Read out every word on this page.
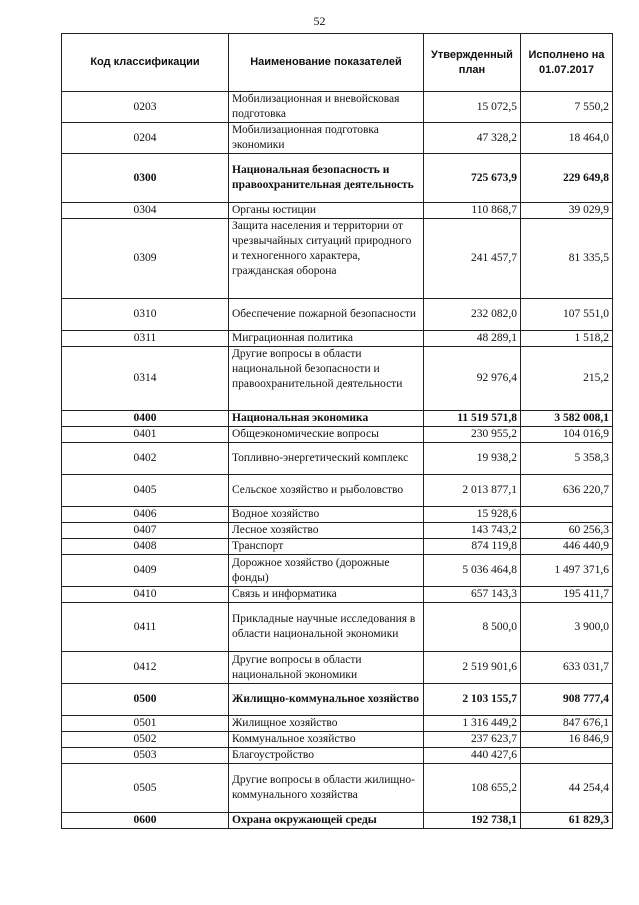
52
Код классификации	Наименование показателей	Утвержденный план	Исполнено на 01.07.2017
0203	Мобилизационная и вневойсковая подготовка	15 072,5	7 550,2
0204	Мобилизационная подготовка экономики	47 328,2	18 464,0
0300	Национальная безопасность и правоохранительная деятельность	725 673,9	229 649,8
0304	Органы юстиции	110 868,7	39 029,9
0309	Защита населения и территории от чрезвычайных ситуаций природного и техногенного характера, гражданская оборона	241 457,7	81 335,5
0310	Обеспечение пожарной безопасности	232 082,0	107 551,0
0311	Миграционная политика	48 289,1	1 518,2
0314	Другие вопросы в области национальной безопасности и правоохранительной деятельности	92 976,4	215,2
0400	Национальная экономика	11 519 571,8	3 582 008,1
0401	Общеэкономические вопросы	230 955,2	104 016,9
0402	Топливно-энергетический комплекс	19 938,2	5 358,3
0405	Сельское хозяйство и рыболовство	2 013 877,1	636 220,7
0406	Водное хозяйство	15 928,6	
0407	Лесное хозяйство	143 743,2	60 256,3
0408	Транспорт	874 119,8	446 440,9
0409	Дорожное хозяйство (дорожные фонды)	5 036 464,8	1 497 371,6
0410	Связь и информатика	657 143,3	195 411,7
0411	Прикладные научные исследования в области национальной экономики	8 500,0	3 900,0
0412	Другие вопросы в области национальной экономики	2 519 901,6	633 031,7
0500	Жилищно-коммунальное хозяйство	2 103 155,7	908 777,4
0501	Жилищное хозяйство	1 316 449,2	847 676,1
0502	Коммунальное хозяйство	237 623,7	16 846,9
0503	Благоустройство	440 427,6	
0505	Другие вопросы в области жилищно-коммунального хозяйства	108 655,2	44 254,4
0600	Охрана окружающей среды	192 738,1	61 829,3
